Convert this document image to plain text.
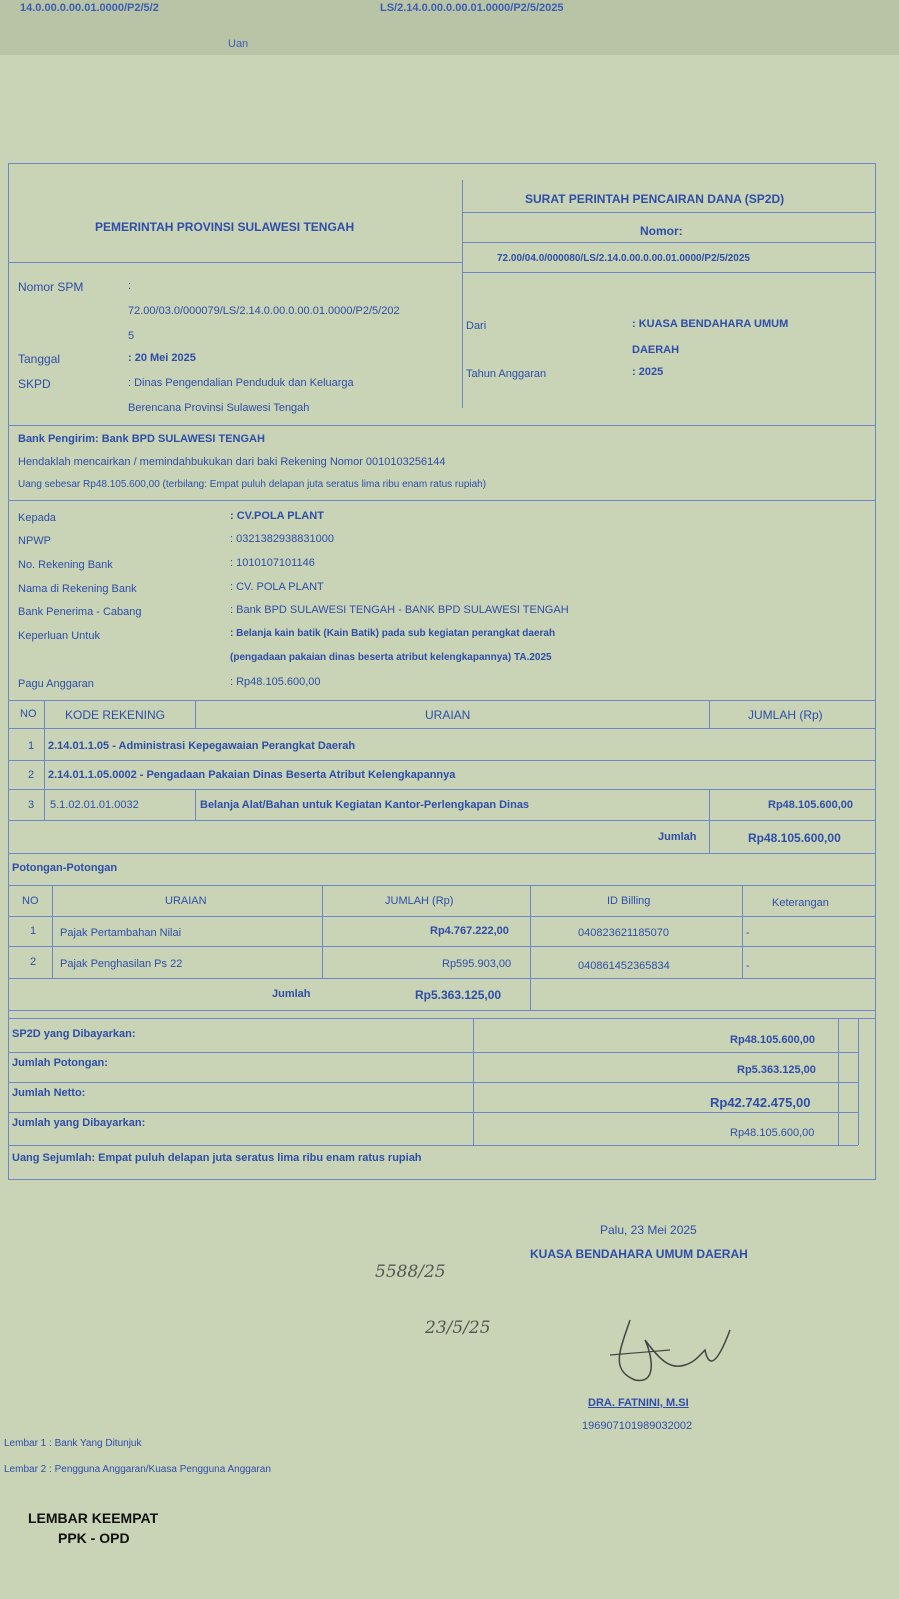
14.0.00.0.00.01.0000/P2/5/2	LS/2.14.0.00.0.00.01.0000/P2/5/2025
Uan
PEMERINTAH PROVINSI SULAWESI TENGAH
SURAT PERINTAH PENCAIRAN DANA (SP2D)
Nomor:
72.00/04.0/000080/LS/2.14.0.00.0.00.01.0000/P2/5/2025
Nomor SPM	:
72.00/03.0/000079/LS/2.14.0.00.0.00.01.0000/P2/5/202
5
Tanggal	: 20 Mei 2025
SKPD	: Dinas Pengendalian Penduduk dan Keluarga
Berencana Provinsi Sulawesi Tengah
Dari	: KUASA BENDAHARA UMUM
DAERAH
Tahun Anggaran	: 2025
Bank Pengirim: Bank BPD SULAWESI TENGAH
Hendaklah mencairkan / memindahbukukan dari baki Rekening Nomor 0010103256144
Uang sebesar Rp48.105.600,00 (terbilang: Empat puluh delapan juta seratus lima ribu enam ratus rupiah)
Kepada	: CV.POLA PLANT
NPWP	: 0321382938831000
No. Rekening Bank	: 1010107101146
Nama di Rekening Bank	: CV. POLA PLANT
Bank Penerima - Cabang	: Bank BPD SULAWESI TENGAH - BANK BPD SULAWESI TENGAH
Keperluan Untuk	: Belanja kain batik (Kain Batik) pada sub kegiatan perangkat daerah
(pengadaan pakaian dinas beserta atribut kelengkapannya) TA.2025
Pagu Anggaran	: Rp48.105.600,00
NO KODE REKENING	URAIAN	JUMLAH (Rp)
1 2.14.01.1.05 - Administrasi Kepegawaian Perangkat Daerah
2 2.14.01.1.05.0002 - Pengadaan Pakaian Dinas Beserta Atribut Kelengkapannya
3 5.1.02.01.01.0032	Belanja Alat/Bahan untuk Kegiatan Kantor-Perlengkapan Dinas	Rp48.105.600,00
Jumlah	Rp48.105.600,00
Potongan-Potongan
NO	URAIAN	JUMLAH (Rp)	ID Billing	Keterangan
1 Pajak Pertambahan Nilai	Rp4.767.222,00	040823621185070	-
2 Pajak Penghasilan Ps 22	Rp595.903,00	040861452365834	-
Jumlah	Rp5.363.125,00
SP2D yang Dibayarkan:	Rp48.105.600,00
Jumlah Potongan:
Rp5.363.125,00
Jumlah Netto:
Rp42.742.475,00
Jumlah yang Dibayarkan:
Rp48.105.600,00
Uang Sejumlah: Empat puluh delapan juta seratus lima ribu enam ratus rupiah
Palu, 23 Mei 2025
KUASA BENDAHARA UMUM DAERAH
DRA. FATNINI, M.SI
196907101989032002
5588/25
23/5/25
Lembar 1 : Bank Yang Ditunjuk
Lembar 2 : Pengguna Anggaran/Kuasa Pengguna Anggaran
LEMBAR KEEMPAT
PPK - OPD
